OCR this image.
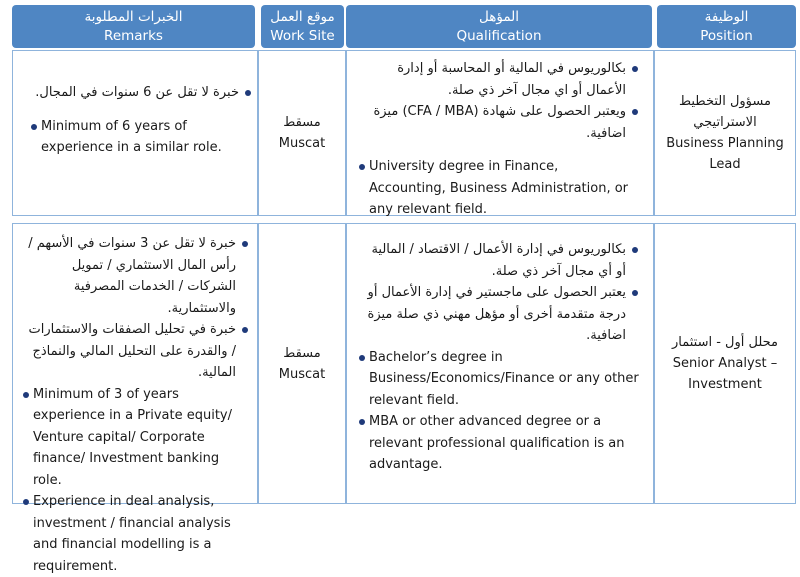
الخبرات المطلوبة
Remarks
موقع العمل
Work Site
المؤهل
Qualification
الوظيفة
Position
خبرة لا تقل عن 6 سنوات في المجال.
Minimum of 6 years of experience in a similar role.
مسقط
Muscat
بكالوريوس في المالية أو المحاسبة أو إدارة الأعمال أو اي مجال آخر ذي صلة.
ويعتبر الحصول على شهادة (CFA / MBA) ميزة اضافية.
University degree in Finance, Accounting, Business Administration, or any relevant field.
مسؤول التخطيط
الاستراتيجي
Business Planning
Lead
خبرة لا تقل عن 3 سنوات في الأسهم / رأس المال الاستثماري / تمويل الشركات / الخدمات المصرفية والاستثمارية.
خبرة في تحليل الصفقات والاستثمارات / والقدرة على التحليل المالي والنماذج المالية.
Minimum of 3 of years experience in a Private equity/ Venture capital/ Corporate finance/ Investment banking role.
Experience in deal analysis, investment / financial analysis and financial modelling is a requirement.
مسقط
Muscat
بكالوريوس في إدارة الأعمال / الاقتصاد / المالية أو أي مجال آخر ذي صلة.
يعتبر الحصول على ماجستير في إدارة الأعمال أو درجة متقدمة أخرى أو مؤهل مهني ذي صلة ميزة اضافية.
Bachelor’s degree in Business/Economics/Finance or any other relevant field.
MBA or other advanced degree or a relevant professional qualification is an advantage.
محلل أول - استثمار
Senior Analyst –
Investment
